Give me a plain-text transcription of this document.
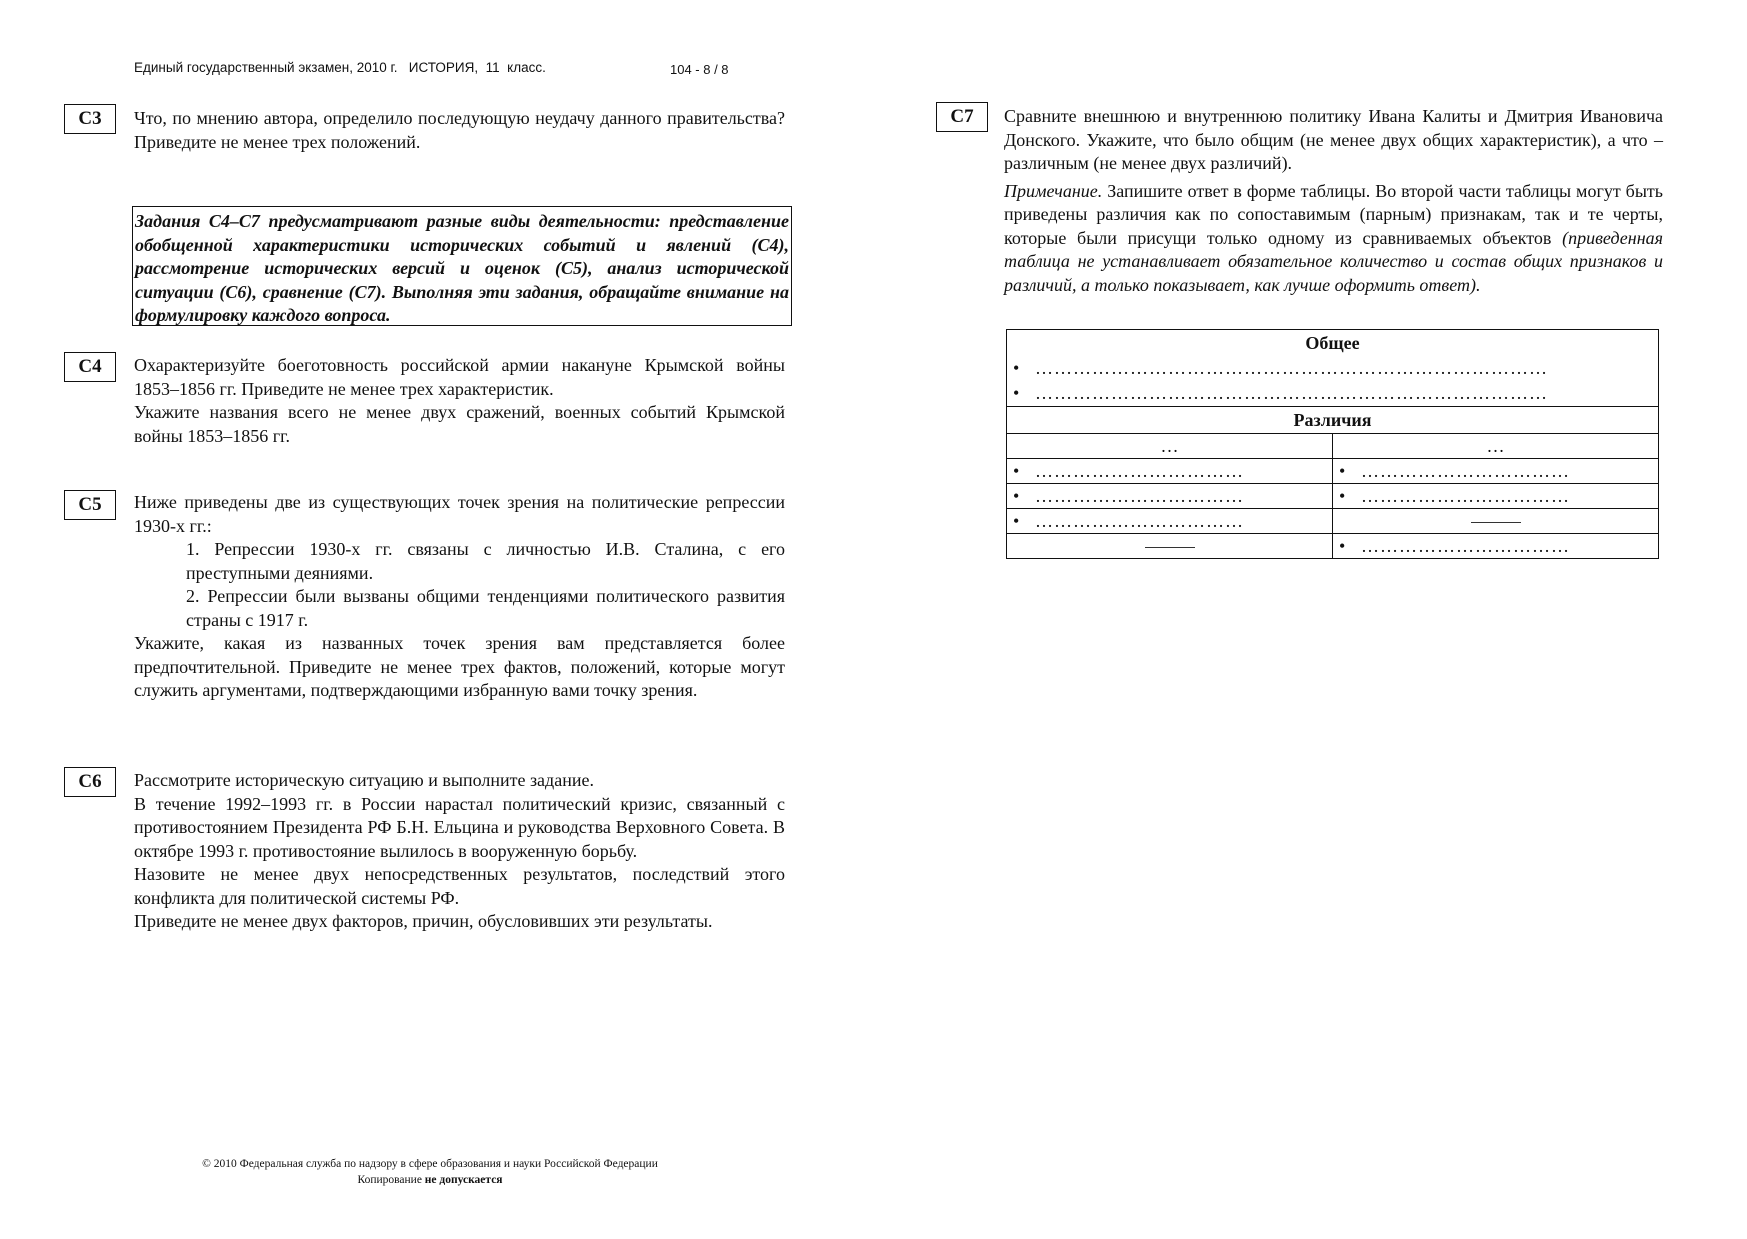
Единый государственный экзамен, 2010 г.   ИСТОРИЯ,  11  класс.	104 - 8 / 8
С3	Что, по мнению автора, определило последующую неудачу данного правительства? Приведите не менее трех положений.

Задания С4–С7 предусматривают разные виды деятельности: представление обобщенной характеристики исторических событий и явлений (С4), рассмотрение исторических версий и оценок (С5), анализ исторической ситуации (С6), сравнение (С7). Выполняя эти задания, обращайте внимание на формулировку каждого вопроса.
С4	Охарактеризуйте боеготовность российской армии накануне Крымской войны 1853–1856 гг. Приведите не менее трех характеристик.

Укажите названия всего не менее двух сражений, военных событий Крымской войны 1853–1856 гг.

С5	Ниже приведены две из существующих точек зрения на политические репрессии 1930-х гг.:

1. Репрессии 1930-х гг. связаны с личностью И.В. Сталина, с его преступными деяниями.

2. Репрессии были вызваны общими тенденциями политического развития страны с 1917 г.

Укажите, какая из названных точек зрения вам представляется более предпочтительной. Приведите не менее трех фактов, положений, которые могут служить аргументами, подтверждающими избранную вами точку зрения.

С6	Рассмотрите историческую ситуацию и выполните задание.

В течение 1992–1993 гг. в России нарастал политический кризис, связанный с противостоянием Президента РФ Б.Н. Ельцина и руководства Верховного Совета. В октябре 1993 г. противостояние вылилось в вооруженную борьбу.

Назовите не менее двух непосредственных результатов, последствий этого конфликта для политической системы РФ.

Приведите не менее двух факторов, причин, обусловивших эти результаты.

С7	Сравните внешнюю и внутреннюю политику Ивана Калиты и Дмитрия Ивановича Донского. Укажите, что было общим (не менее двух общих характеристик), а что – различным (не менее двух различий).

Примечание. Запишите ответ в форме таблицы. Во второй части таблицы могут быть приведены различия как по сопоставимым (парным) признакам, так и те черты, которые были присущи только одному из сравниваемых объектов (приведенная таблица не устанавливает обязательное количество и состав общих признаков и различий, а только показывает, как лучше оформить ответ).

Общее	
• ………………………………………………………………………	
• ………………………………………………………………………	
Различия	
…	…
• ……………………………	• ……………………………
• ……………………………	• ……………………………
• ……………………………	
	• ……………………………
© 2010 Федеральная служба по надзору в сфере образования и науки Российской Федерации
Копирование не допускается
